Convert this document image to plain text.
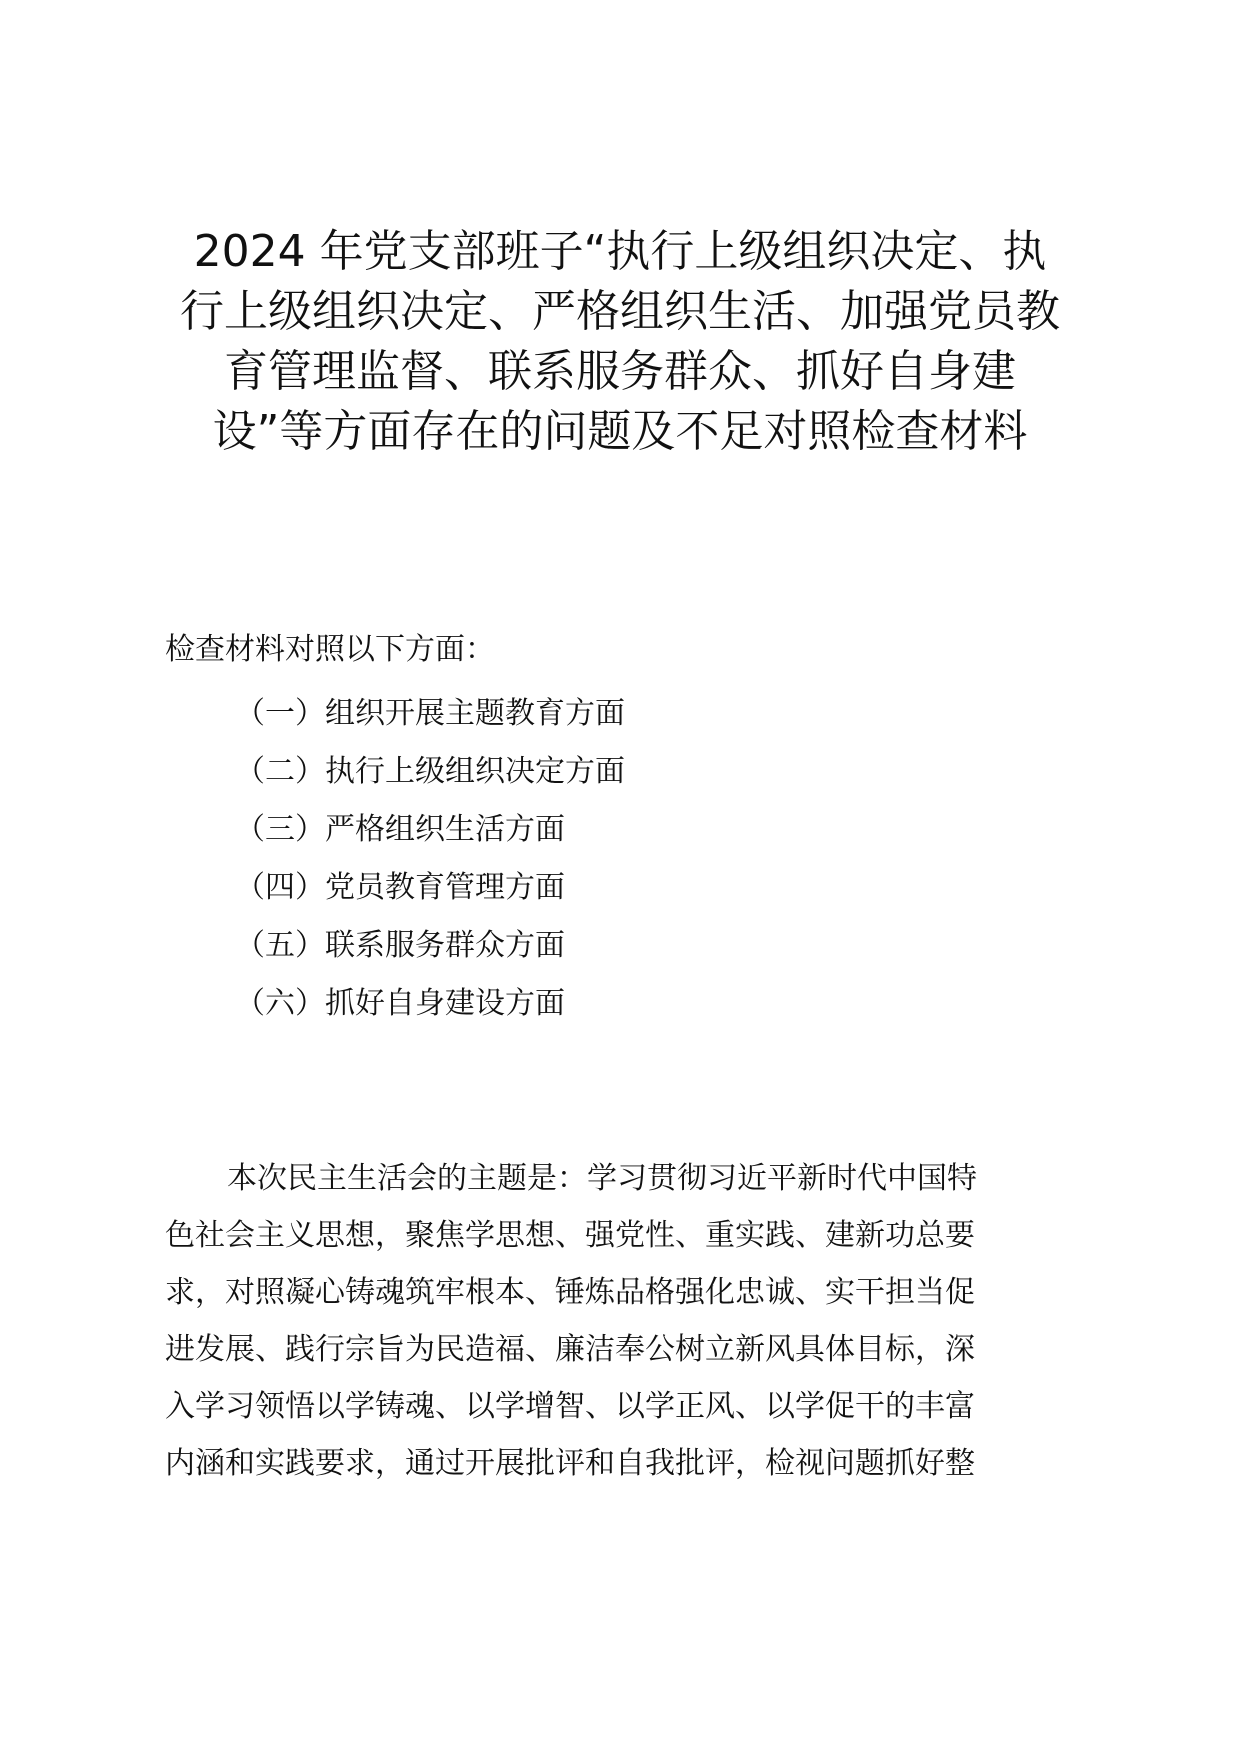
2024 年党支部班子“执行上级组织决定、执
行上级组织决定、严格组织生活、加强党员教
育管理监督、联系服务群众、抓好自身建
设”等方面存在的问题及不足对照检查材料

检查材料对照以下方面：

（一）组织开展主题教育方面
（二）执行上级组织决定方面
（三）严格组织生活方面
（四）党员教育管理方面
（五）联系服务群众方面
（六）抓好自身建设方面
本次民主生活会的主题是：学习贯彻习近平新时代中国特
色社会主义思想，聚焦学思想、强党性、重实践、建新功总要
求，对照凝心铸魂筑牢根本、锤炼品格强化忠诚、实干担当促
进发展、践行宗旨为民造福、廉洁奉公树立新风具体目标，深
入学习领悟以学铸魂、以学增智、以学正风、以学促干的丰富
内涵和实践要求，通过开展批评和自我批评，检视问题抓好整
